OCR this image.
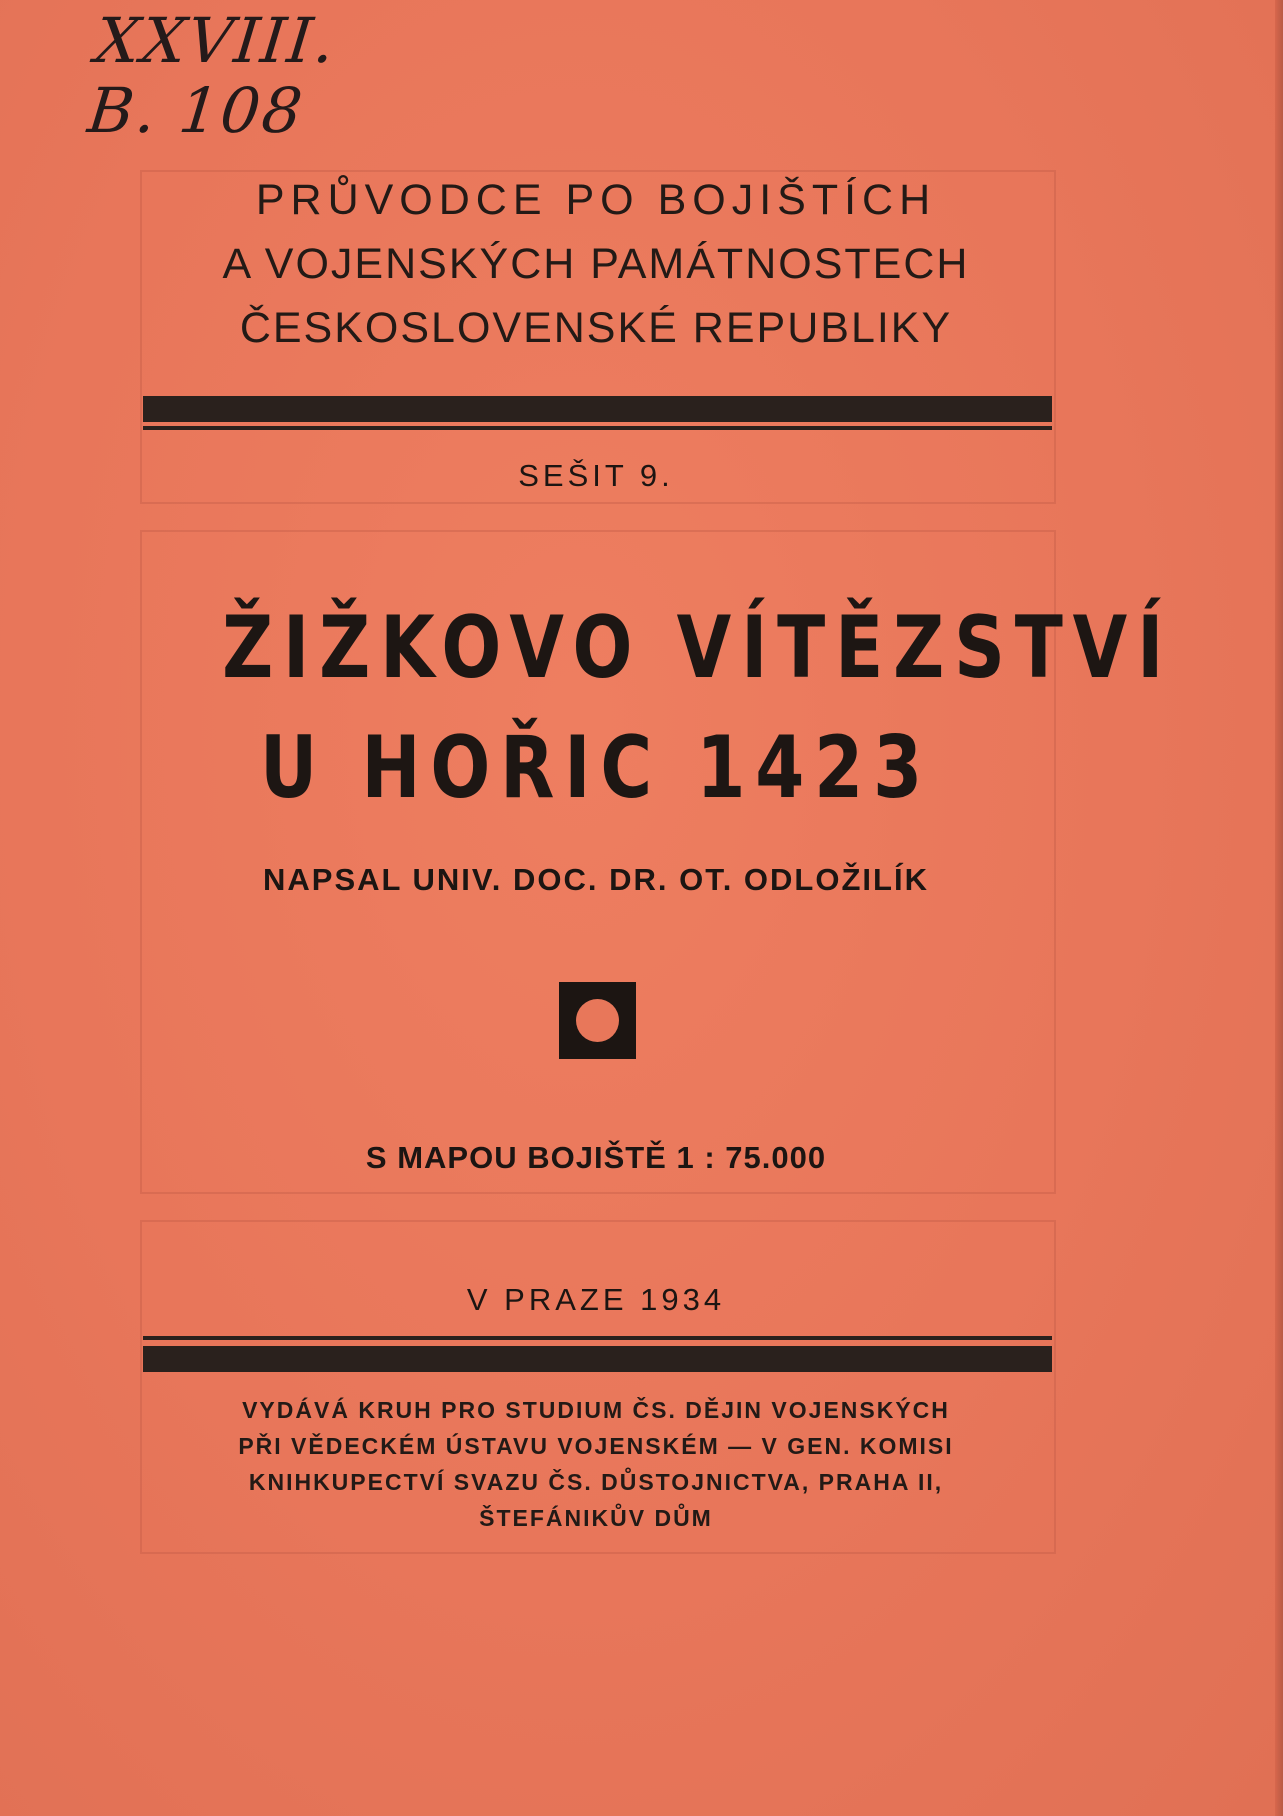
XXVIII.
B. 108
PRŮVODCE PO BOJIŠTÍCH
A VOJENSKÝCH PAMÁTNOSTECH
ČESKOSLOVENSKÉ REPUBLIKY
SEŠIT 9.
ŽIŽKOVO VÍTĚZSTVÍ
U HOŘIC 1423
NAPSAL UNIV. DOC. DR. OT. ODLOŽILÍK
S MAPOU BOJIŠTĚ 1 : 75.000
V PRAZE 1934
VYDÁVÁ KRUH PRO STUDIUM ČS. DĚJIN VOJENSKÝCH
PŘI VĚDECKÉM ÚSTAVU VOJENSKÉM — V GEN. KOMISI
KNIHKUPECTVÍ SVAZU ČS. DŮSTOJNICTVA, PRAHA II,
ŠTEFÁNIKŮV DŮM
